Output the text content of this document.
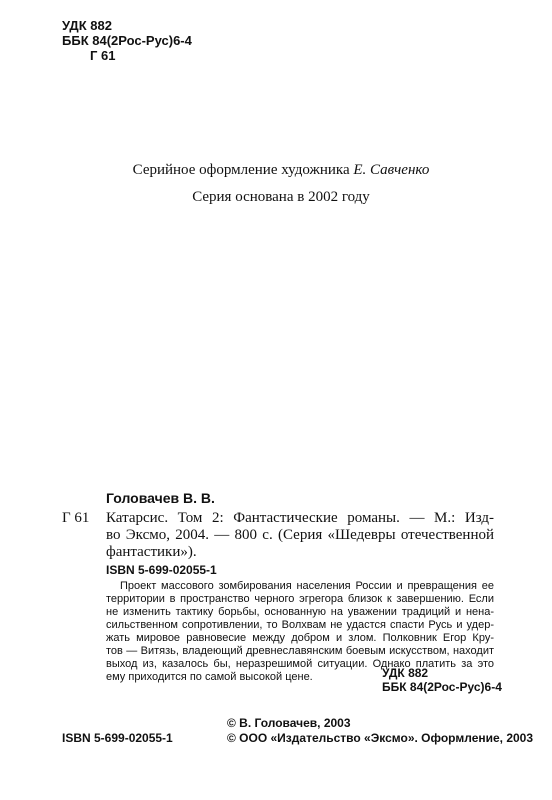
УДК 882
ББК 84(2Рос-Рус)6-4
Г 61
Серийное оформление художника Е. Савченко
Серия основана в 2002 году
Головачев В. В.
Г 61 Катарсис. Том 2: Фантастические романы. — М.: Изд-
во Эксмо, 2004. — 800 с. (Серия «Шедевры отечественной
фантастики»).
ISBN 5-699-02055-1
Проект массового зомбирования населения России и превращения ее
территории в пространство черного эгрегора близок к завершению. Если
не изменить тактику борьбы, основанную на уважении традиций и нена-
сильственном сопротивлении, то Волхвам не удастся спасти Русь и удер-
жать мировое равновесие между добром и злом. Полковник Егор Кру-
тов — Витязь, владеющий древнеславянским боевым искусством, находит
выход из, казалось бы, неразрешимой ситуации. Однако платить за это
ему приходится по самой высокой цене.	УДК 882
ББК 84(2Рос-Рус)6-4
ISBN 5-699-02055-1
© В. Головачев, 2003
© ООО «Издательство «Эксмо». Оформление, 2003
